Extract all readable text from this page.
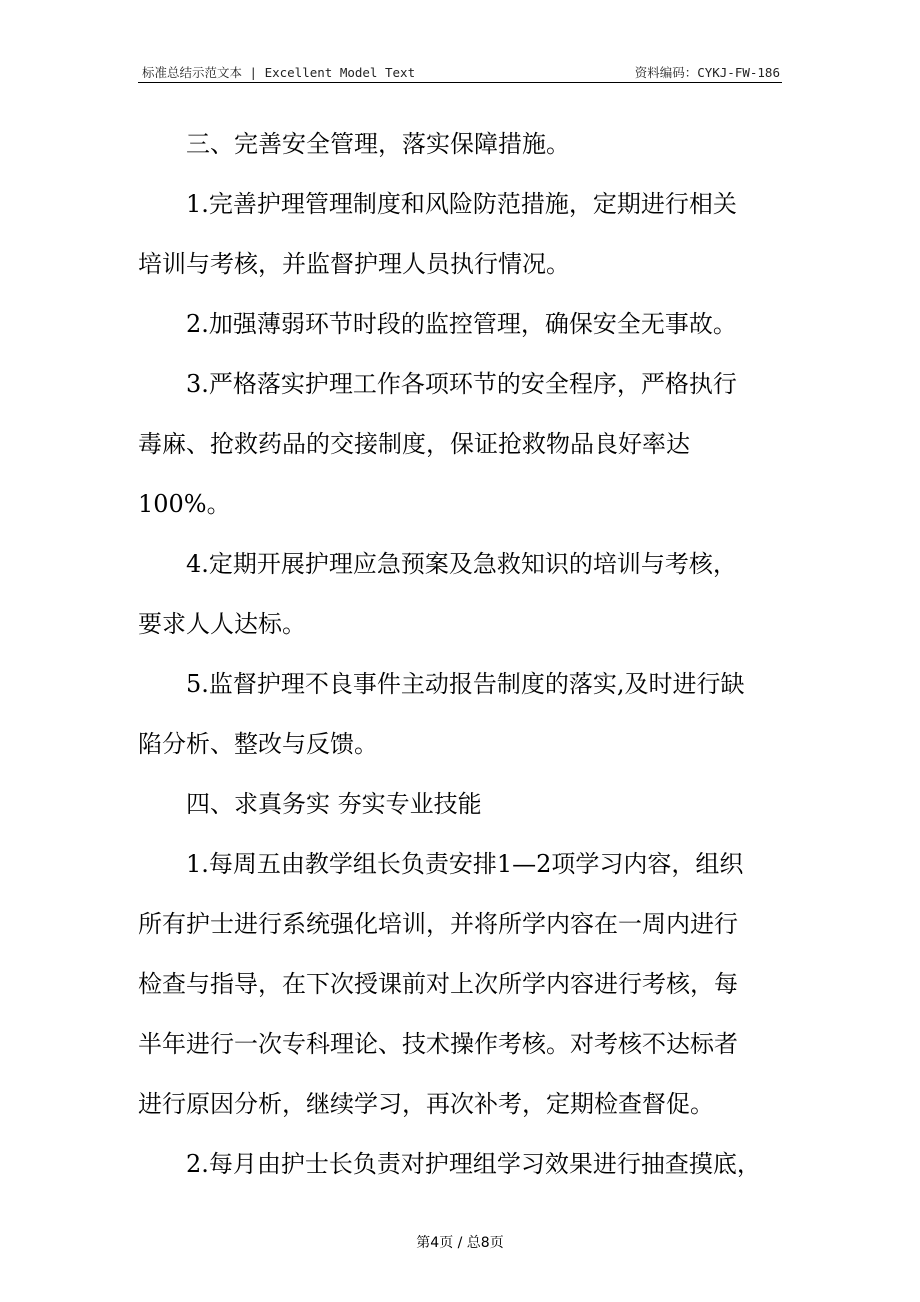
标准总结示范文本 | Excellent Model Text	资料编码：CYKJ-FW-186

三、完善安全管理，落实保障措施。

1.完善护理管理制度和风险防范措施，定期进行相关

培训与考核，并监督护理人员执行情况。

2.加强薄弱环节时段的监控管理，确保安全无事故。

3.严格落实护理工作各项环节的安全程序，严格执行

毒麻、抢救药品的交接制度，保证抢救物品良好率达

100%。

4.定期开展护理应急预案及急救知识的培训与考核，

要求人人达标。

5.监督护理不良事件主动报告制度的落实,及时进行缺

陷分析、整改与反馈。

四、求真务实 夯实专业技能

1.每周五由教学组长负责安排1—2项学习内容，组织

所有护士进行系统强化培训，并将所学内容在一周内进行

检查与指导，在下次授课前对上次所学内容进行考核，每

半年进行一次专科理论、技术操作考核。对考核不达标者

进行原因分析，继续学习，再次补考，定期检查督促。

2.每月由护士长负责对护理组学习效果进行抽查摸底，

第4页 / 总8页
